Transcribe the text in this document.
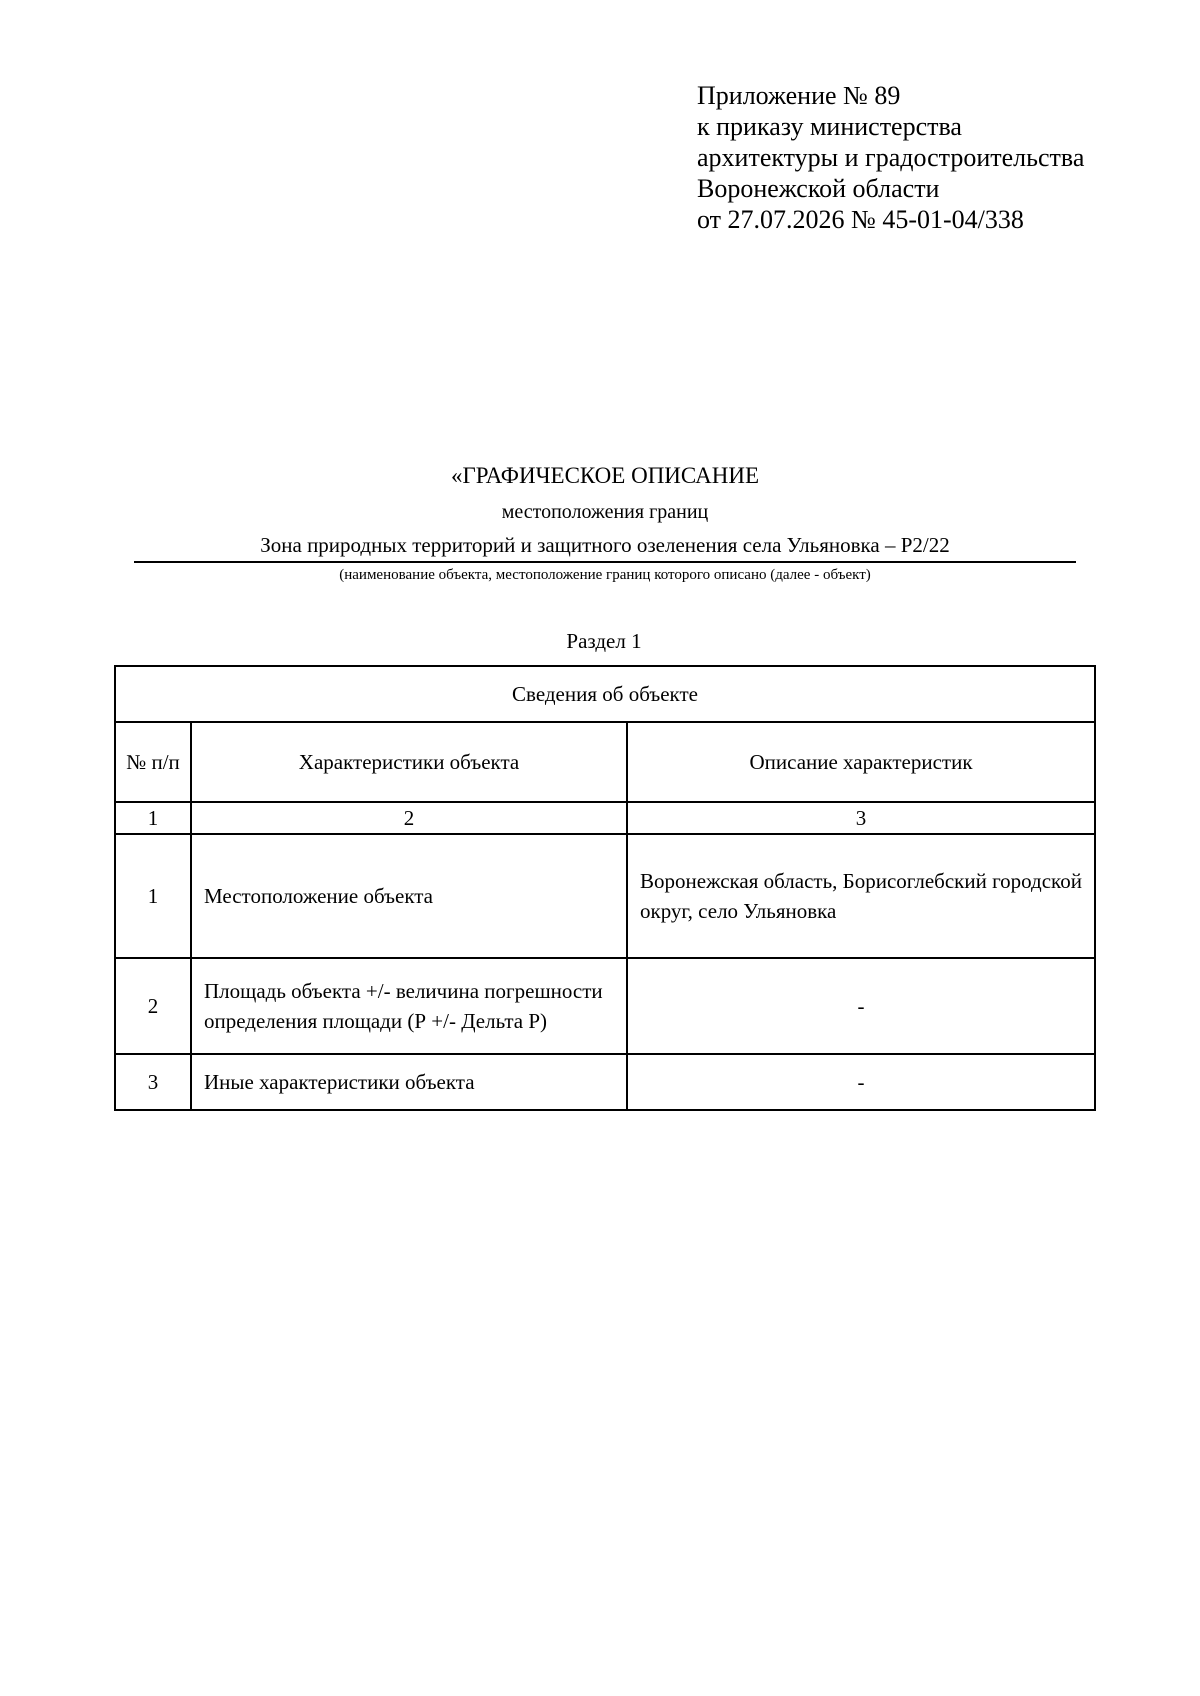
Приложение № 89
к приказу министерства
архитектуры и градостроительства
Воронежской области
от 27.07.2026 № 45-01-04/338
«ГРАФИЧЕСКОЕ ОПИСАНИЕ
местоположения границ
Зона природных территорий и защитного озеленения села Ульяновка – Р2/22
(наименование объекта, местоположение границ которого описано (далее - объект)
Раздел 1
Сведения об объекте		
№ п/п	Характеристики объекта	Описание характеристик
1	2	3
1	Местоположение объекта	Воронежская область, Борисоглебский городской округ, село Ульяновка
2	Площадь объекта +/- величина погрешности определения площади (Р +/- Дельта Р)	-
3	Иные характеристики объекта	-
